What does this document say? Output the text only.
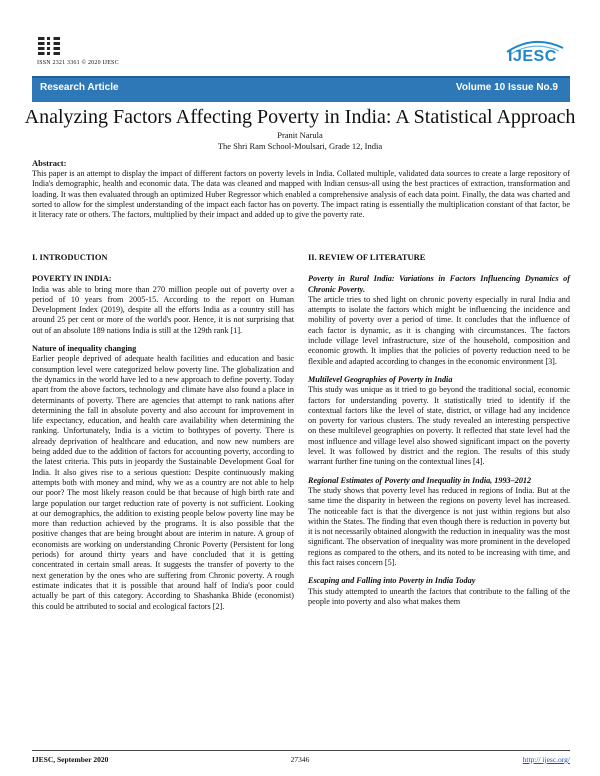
ISSN 2321 3361 © 2020 IJESC	IJESC
Research Article	Volume 10 Issue No.9
Analyzing Factors Affecting Poverty in India: A Statistical Approach
Pranit Narula
The Shri Ram School-Moulsari, Grade 12, India
Abstract:

This paper is an attempt to display the impact of different factors on poverty levels in India. Collated multiple, validated data sources to create a large repository of India's demographic, health and economic data. The data was cleaned and mapped with Indian census-all using the best practices of extraction, transformation and loading. It was then evaluated through an optimized Huber Regressor which enabled a comprehensive analysis of each data point. Finally, the data was charted and sorted to allow for the simplest understanding of the impact each factor has on poverty. The impact rating is essentially the multiplication constant of that factor, be it literacy rate or others. The factors, multiplied by their impact and added up to give the poverty rate.

I. INTRODUCTION
POVERTY IN INDIA:

India was able to bring more than 270 million people out of poverty over a period of 10 years from 2005-15. According to the report on Human Development Index (2019), despite all the efforts India as a country still has around 25 per cent or more of the world's poor. Hence, it is not surprising that out of an absolute 189 nations India is still at the 129th rank [1].

Nature of inequality changing

Earlier people deprived of adequate health facilities and education and basic consumption level were categorized below poverty line. The globalization and the dynamics in the world have led to a new approach to define poverty. Today apart from the above factors, technology and climate have also found a place in determinants of poverty. There are agencies that attempt to rank nations after determining the fall in absolute poverty and also account for improvement in life expectancy, education, and health care availability when determining the ranking. Unfortunately, India is a victim to bothtypes of poverty. There is already deprivation of healthcare and education, and now new numbers are being added due to the addition of factors for accounting poverty, according to the latest criteria. This puts in jeopardy the Sustainable Development Goal for India. It also gives rise to a serious question: Despite continuously making attempts both with money and mind, why we as a country are not able to help our poor? The most likely reason could be that because of high birth rate and large population our target reduction rate of poverty is not sufficient. Looking at our demographics, the addition to existing people below poverty line may be more than reduction achieved by the programs. It is also possible that the positive changes that are being brought about are interim in nature. A group of economists are working on understanding Chronic Poverty (Persistent for long periods) for around thirty years and have concluded that it is getting concentrated in certain small areas. It suggests the transfer of poverty to the next generation by the ones who are suffering from Chronic poverty. A rough estimate indicates that it is possible that around half of India's poor could actually be part of this category. According to Shashanka Bhide (economist) this could be attributed to social and ecological factors [2].

II. REVIEW OF LITERATURE
Poverty in Rural India: Variations in Factors Influencing Dynamics of Chronic Poverty.

The article tries to shed light on chronic poverty especially in rural India and attempts to isolate the factors which might be influencing the incidence and mobility of poverty over a period of time. It concludes that the influence of each factor is dynamic, as it is changing with circumstances. The factors include village level infrastructure, size of the household, composition and economic growth. It implies that the policies of poverty reduction need to be flexible and adapted according to changes in the economic environment [3].

Multilevel Geographies of Poverty in India

This study was unique as it tried to go beyond the traditional social, economic factors for understanding poverty. It statistically tried to identify if the contextual factors like the level of state, district, or village had any incidence on poverty for various clusters. The study revealed an interesting perspective on these multilevel geographies on poverty. It reflected that state level had the most influence and village level also showed significant impact on the poverty level. It was followed by district and the region. The results of this study warrant further fine tuning on the contextual lines [4].

Regional Estimates of Poverty and Inequality in India, 1993–2012

The study shows that poverty level has reduced in regions of India. But at the same time the disparity in between the regions on poverty level has increased. The noticeable fact is that the divergence is not just within regions but also within the States. The finding that even though there is reduction in poverty but it is not necessarily obtained alongwith the reduction in inequality was the most significant. The observation of inequality was more prominent in the developed regions as compared to the others, and its noted to be increasing with time, and this fact raises concern [5].

Escaping and Falling into Poverty in India Today

This study attempted to unearth the factors that contribute to the falling of the people into poverty and also what makes them

IJESC, September 2020	27346	http:// ijesc.org/
